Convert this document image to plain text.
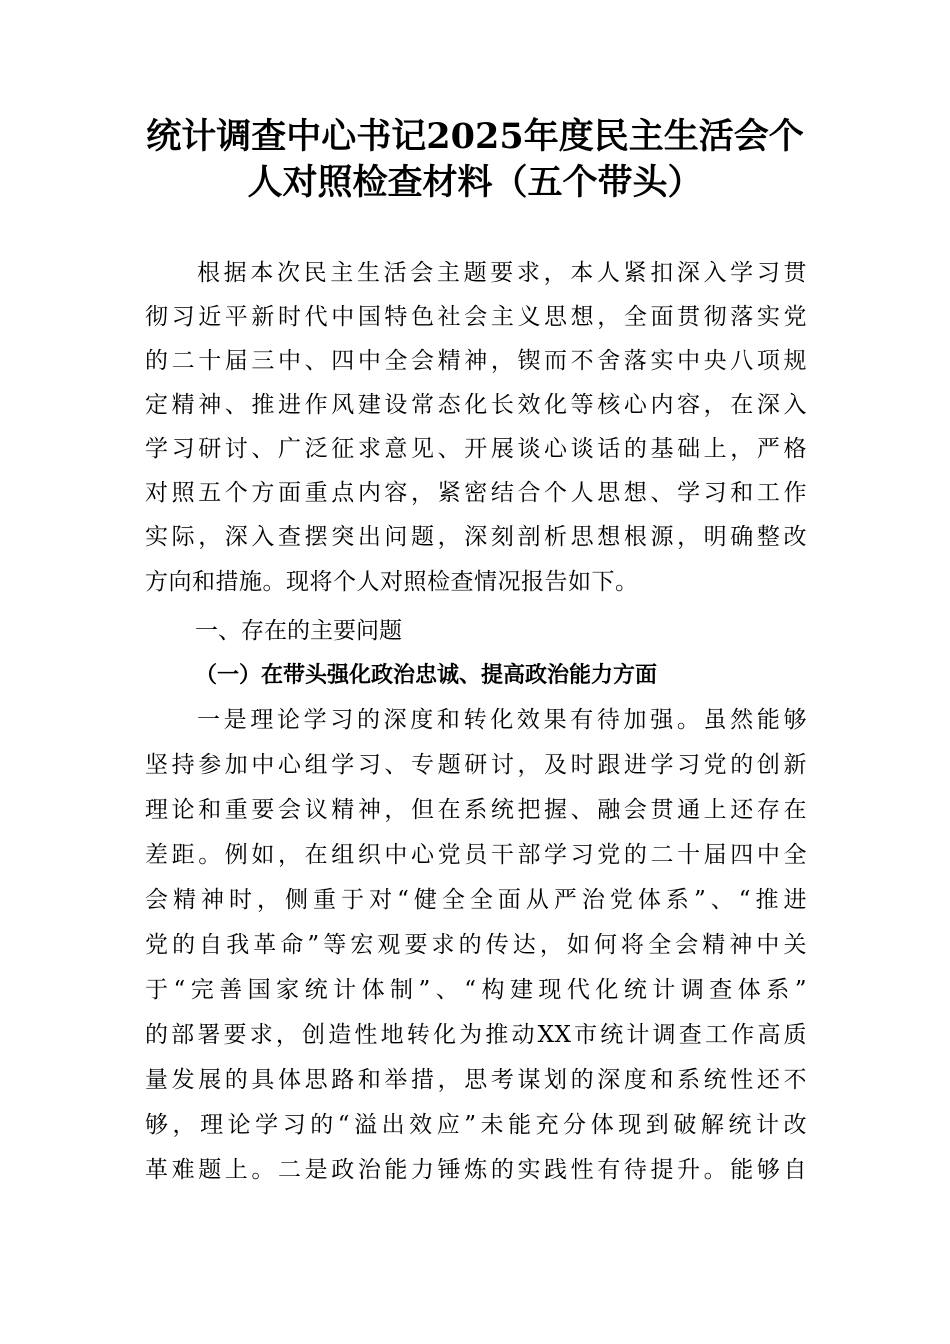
统计调查中心书记2025年度民主生活会个
人对照检查材料（五个带头）
根据本次民主生活会主题要求，本人紧扣深入学习贯
彻习近平新时代中国特色社会主义思想，全面贯彻落实党
的二十届三中、四中全会精神，锲而不舍落实中央八项规
定精神、推进作风建设常态化长效化等核心内容，在深入
学习研讨、广泛征求意见、开展谈心谈话的基础上，严格
对照五个方面重点内容，紧密结合个人思想、学习和工作
实际，深入查摆突出问题，深刻剖析思想根源，明确整改
方向和措施。现将个人对照检查情况报告如下。
一、存在的主要问题
（一）在带头强化政治忠诚、提高政治能力方面
一是理论学习的深度和转化效果有待加强。虽然能够
坚持参加中心组学习、专题研讨，及时跟进学习党的创新
理论和重要会议精神，但在系统把握、融会贯通上还存在
差距。例如，在组织中心党员干部学习党的二十届四中全
会精神时，侧重于对“健全全面从严治党体系”、“推进
党的自我革命”等宏观要求的传达，如何将全会精神中关
于“完善国家统计体制”、“构建现代化统计调查体系”
的部署要求，创造性地转化为推动XX市统计调查工作高质
量发展的具体思路和举措，思考谋划的深度和系统性还不
够，理论学习的“溢出效应”未能充分体现到破解统计改
革难题上。二是政治能力锤炼的实践性有待提升。能够自
